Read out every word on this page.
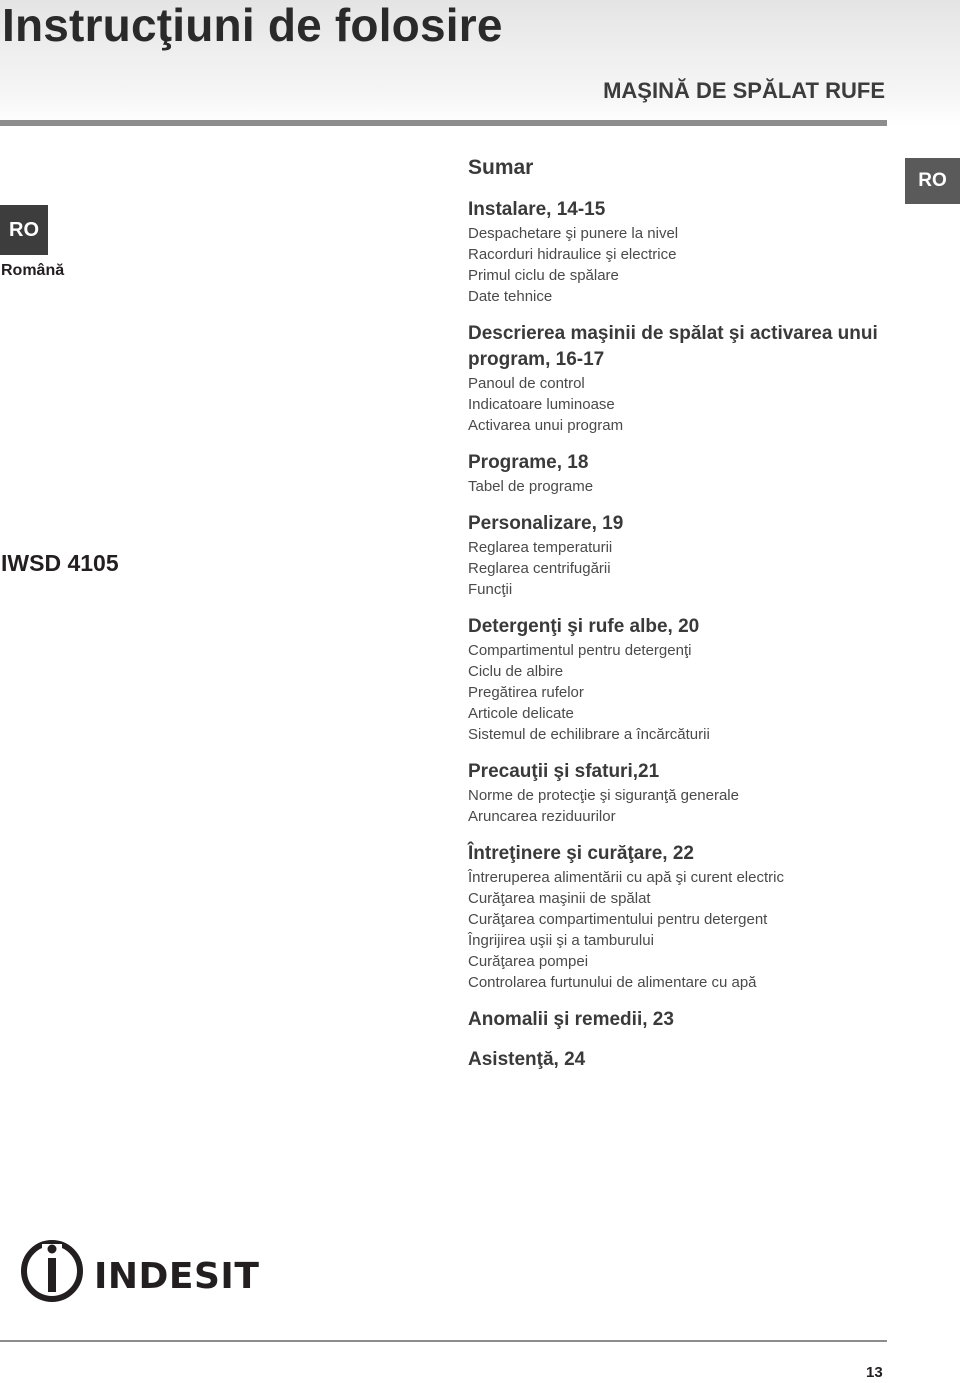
Instrucţiuni de folosire
MAŞINĂ DE SPĂLAT RUFE
RO
Română
RO
IWSD 4105
Sumar
Instalare, 14-15
Despachetare şi punere la nivel
Racorduri hidraulice şi electrice
Primul ciclu de spălare
Date tehnice
Descrierea maşinii de spălat şi activarea unui program, 16-17
Panoul de control
Indicatoare luminoase
Activarea unui program
Programe, 18
Tabel de programe
Personalizare, 19
Reglarea temperaturii
Reglarea centrifugării
Funcţii
Detergenţi şi rufe albe, 20
Compartimentul pentru detergenţi
Ciclu de albire
Pregătirea rufelor
Articole delicate
Sistemul de echilibrare a încărcăturii
Precauţii şi sfaturi,21
Norme de protecţie şi siguranţă generale
Aruncarea reziduurilor
Întreţinere şi curăţare, 22
Întreruperea alimentării cu apă şi curent electric
Curăţarea maşinii de spălat
Curăţarea compartimentului pentru detergent
Îngrijirea uşii şi a tamburului
Curăţarea pompei
Controlarea furtunului de alimentare cu apă
Anomalii şi remedii, 23
Asistenţă, 24
INDESIT
13
